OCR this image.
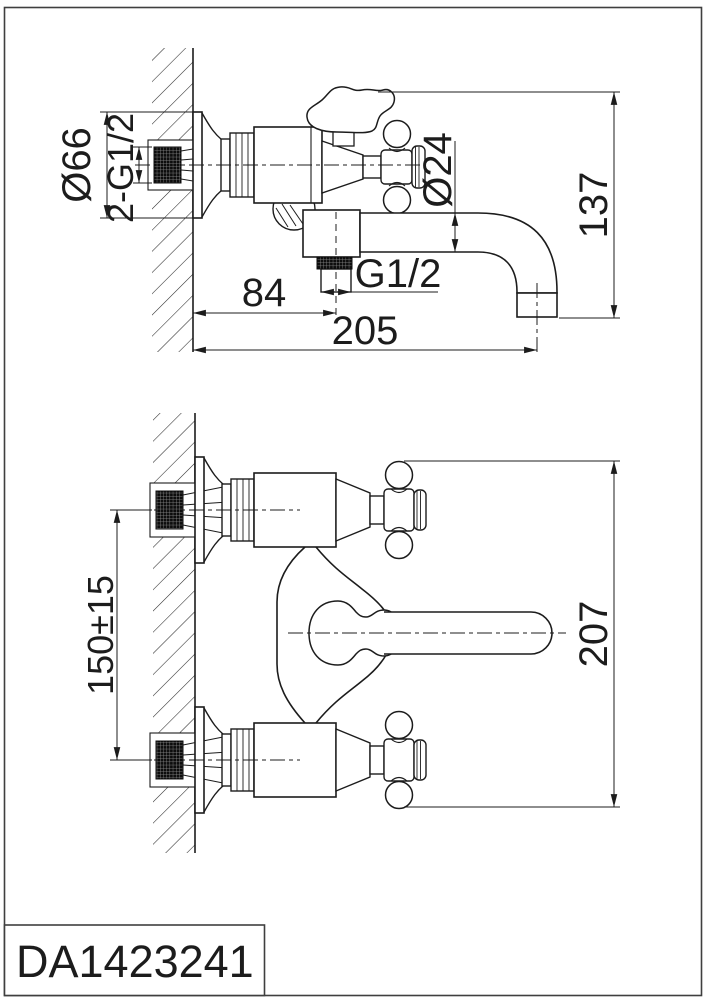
Ø66 2-G1/2	Ø24	137
84
205
G1/2
150±15	207
DA1423241
